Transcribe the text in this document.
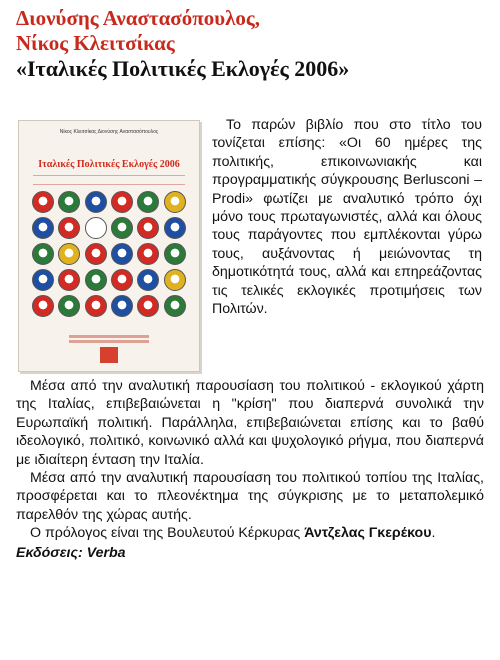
Διονύσης Αναστασόπουλος,
Νίκος Κλειτσίκας
«Ιταλικές Πολιτικές Εκλογές 2006»
Νίκος Κλειτσίκας Διονύσης Αναστασόπουλος
Ιταλικές Πολιτικές Εκλογές 2006

Το παρών βιβλίο που στο τίτλο του τονίζεται επίσης: «Οι 60 ημέρες της πολιτικής, επικοινωνιακής και προγραμματικής σύγκρουσης Berlusconi – Prodi» φωτίζει με αναλυτικό τρόπο όχι μόνο τους πρωταγωνιστές, αλλά και όλους τους παράγοντες που εμπλέκονται γύρω τους, αυξάνοντας ή μειώνοντας τη δημοτικότητά τους, αλλά και επηρεάζοντας τις τελικές εκλογικές προτιμήσεις των Πολιτών.

Μέσα από την αναλυτική παρουσίαση του πολιτικού - εκλογικού χάρτη της Ιταλίας, επιβεβαιώνεται η "κρίση" που διαπερνά συνολικά την Ευρωπαϊκή πολιτική. Παράλληλα, επιβεβαιώνεται επίσης και το βαθύ ιδεολογικό, πολιτικό, κοινωνικό αλλά και ψυχολογικό ρήγμα, που διαπερνά με ιδιαίτερη ένταση την Ιταλία.

Μέσα από την αναλυτική παρουσίαση του πολιτικού τοπίου της Ιταλίας, προσφέρεται και το πλεονέκτημα της σύγκρισης με το μεταπολεμικό παρελθόν της χώρας αυτής.

Ο πρόλογος είναι της Βουλευτού Κέρκυρας Άντζελας Γκερέκου.

Εκδόσεις: Verba
